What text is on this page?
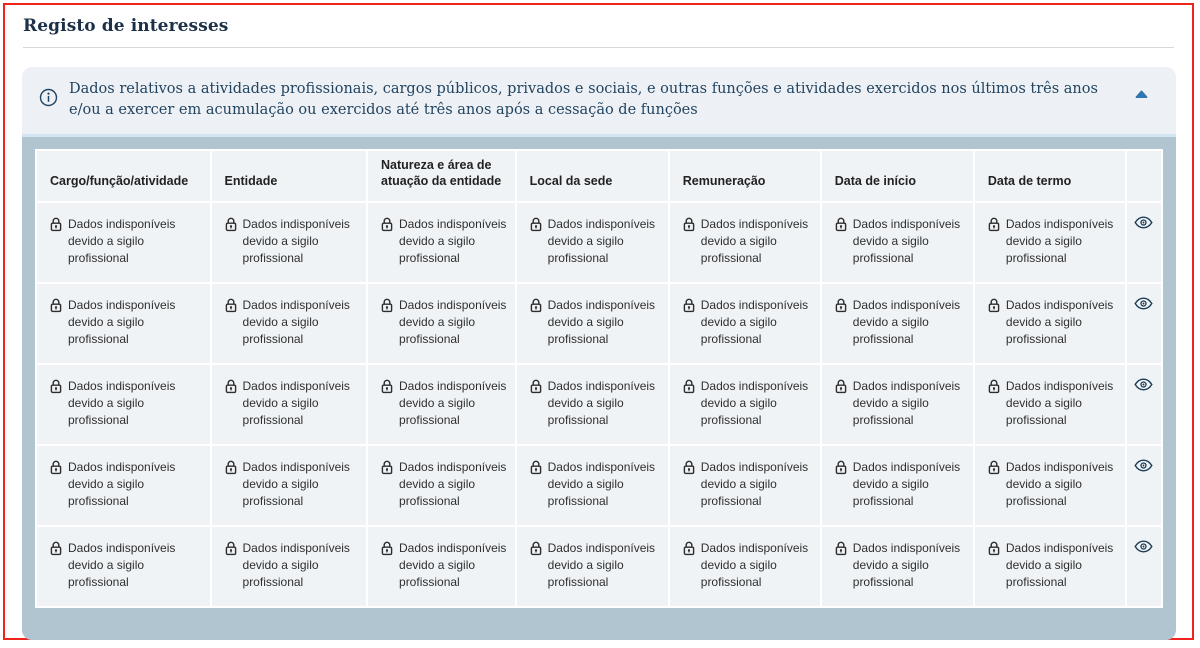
Registo de interesses
Dados relativos a atividades profissionais, cargos públicos, privados e sociais, e outras funções e atividades exercidos nos últimos três anos e/ou a exercer em acumulação ou exercidos até três anos após a cessação de funções
Cargo/função/atividade	Entidade	Natureza e área de atuação da entidade	Local da sede	Remuneração	Data de início	Data de termo	

Dados indisponíveis devido a sigilo profissional	Dados indisponíveis devido a sigilo profissional	Dados indisponíveis devido a sigilo profissional	Dados indisponíveis devido a sigilo profissional	Dados indisponíveis devido a sigilo profissional	Dados indisponíveis devido a sigilo profissional	Dados indisponíveis devido a sigilo profissional

Dados indisponíveis devido a sigilo profissional	Dados indisponíveis devido a sigilo profissional	Dados indisponíveis devido a sigilo profissional	Dados indisponíveis devido a sigilo profissional	Dados indisponíveis devido a sigilo profissional	Dados indisponíveis devido a sigilo profissional	Dados indisponíveis devido a sigilo profissional

Dados indisponíveis devido a sigilo profissional	Dados indisponíveis devido a sigilo profissional	Dados indisponíveis devido a sigilo profissional	Dados indisponíveis devido a sigilo profissional	Dados indisponíveis devido a sigilo profissional	Dados indisponíveis devido a sigilo profissional	Dados indisponíveis devido a sigilo profissional

Dados indisponíveis devido a sigilo profissional	Dados indisponíveis devido a sigilo profissional	Dados indisponíveis devido a sigilo profissional	Dados indisponíveis devido a sigilo profissional	Dados indisponíveis devido a sigilo profissional	Dados indisponíveis devido a sigilo profissional	Dados indisponíveis devido a sigilo profissional

Dados indisponíveis devido a sigilo profissional	Dados indisponíveis devido a sigilo profissional	Dados indisponíveis devido a sigilo profissional	Dados indisponíveis devido a sigilo profissional	Dados indisponíveis devido a sigilo profissional	Dados indisponíveis devido a sigilo profissional	Dados indisponíveis devido a sigilo profissional
